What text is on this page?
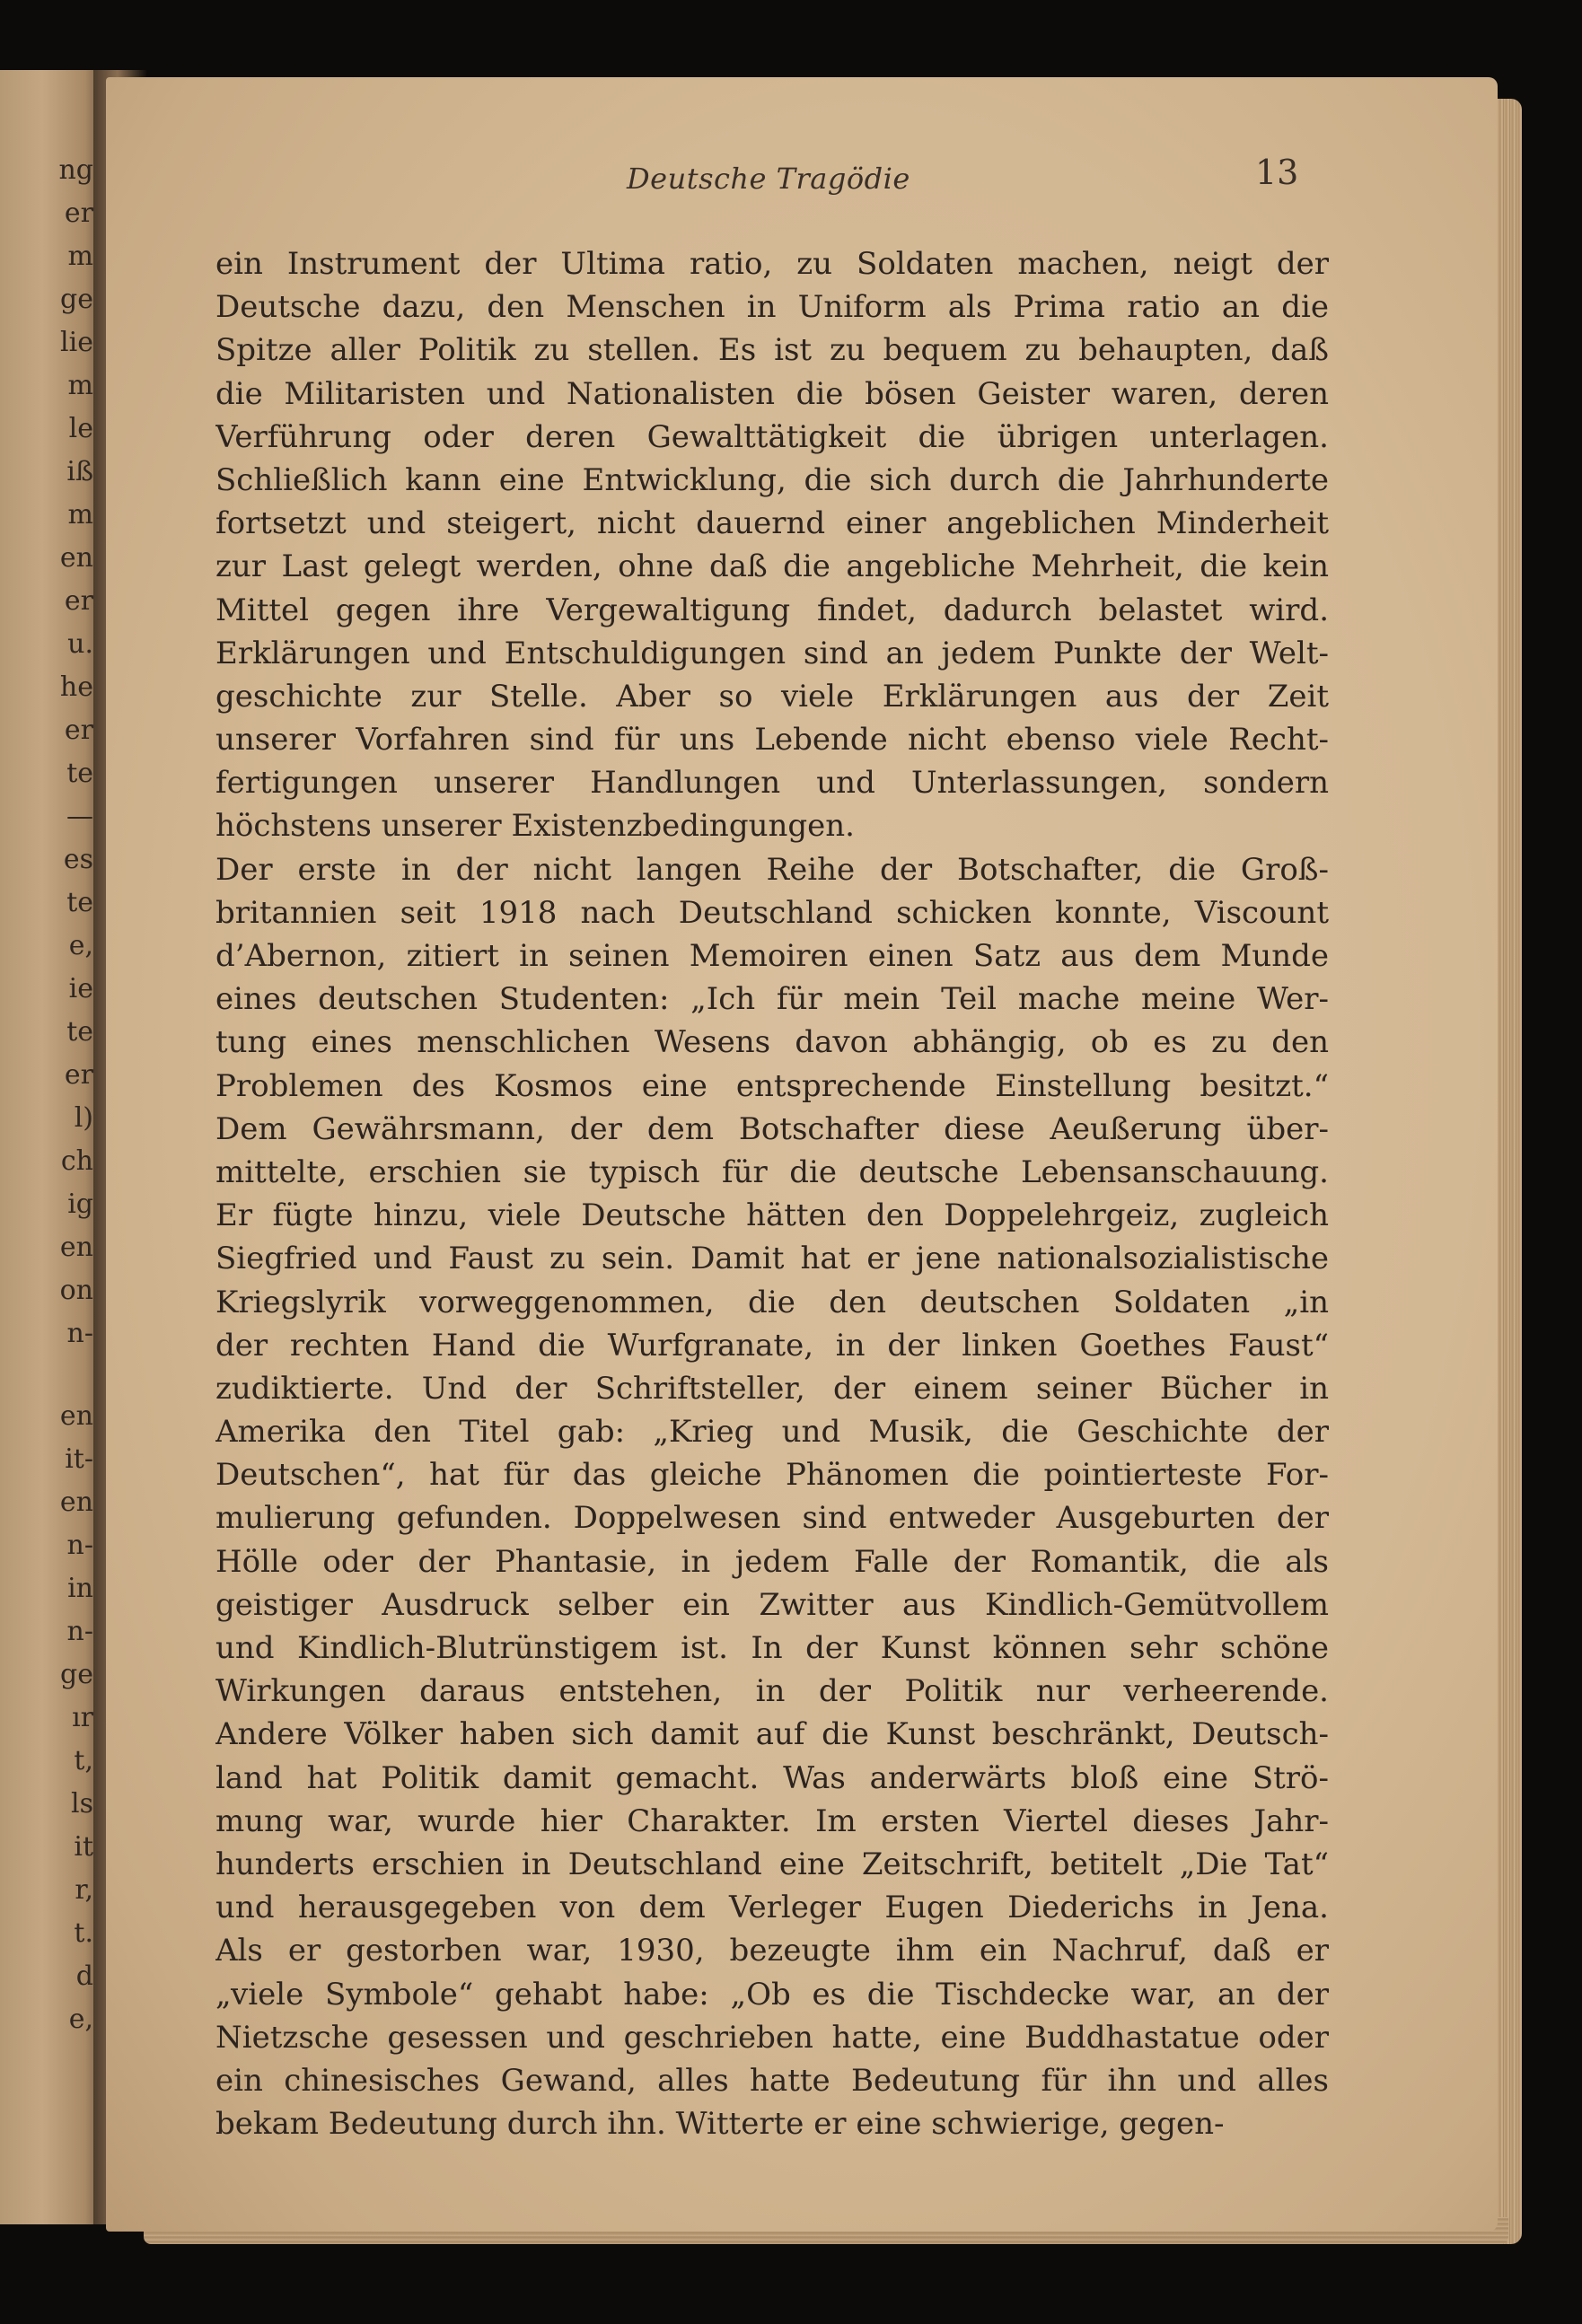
ng
er
m
ge
lie
m
le
iß
m
en
er
u.
he
er
te
—
es
te
e,
ie
te
er
l)
ch
ig
en
on
n-
en
it-
en
n-
in
n-
ge
ır
t,
ls
it
r,
t.
d
e,
Deutsche Tragödie	13
ein Instrument der Ultima ratio, zu Soldaten machen, neigt der
Deutsche dazu, den Menschen in Uniform als Prima ratio an die
Spitze aller Politik zu stellen. Es ist zu bequem zu behaupten, daß
die Militaristen und Nationalisten die bösen Geister waren, deren
Verführung oder deren Gewalttätigkeit die übrigen unterlagen.
Schließlich kann eine Entwicklung, die sich durch die Jahrhunderte
fortsetzt und steigert, nicht dauernd einer angeblichen Minderheit
zur Last gelegt werden, ohne daß die angebliche Mehrheit, die kein
Mittel gegen ihre Vergewaltigung findet, dadurch belastet wird.
Erklärungen und Entschuldigungen sind an jedem Punkte der Welt-
geschichte zur Stelle. Aber so viele Erklärungen aus der Zeit
unserer Vorfahren sind für uns Lebende nicht ebenso viele Recht-
fertigungen unserer Handlungen und Unterlassungen, sondern
höchstens unserer Existenzbedingungen.
Der erste in der nicht langen Reihe der Botschafter, die Groß-
britannien seit 1918 nach Deutschland schicken konnte, Viscount
d’Abernon, zitiert in seinen Memoiren einen Satz aus dem Munde
eines deutschen Studenten: „Ich für mein Teil mache meine Wer-
tung eines menschlichen Wesens davon abhängig, ob es zu den
Problemen des Kosmos eine entsprechende Einstellung besitzt.“
Dem Gewährsmann, der dem Botschafter diese Aeußerung über-
mittelte, erschien sie typisch für die deutsche Lebensanschauung.
Er fügte hinzu, viele Deutsche hätten den Doppelehrgeiz, zugleich
Siegfried und Faust zu sein. Damit hat er jene nationalsozialistische
Kriegslyrik vorweggenommen, die den deutschen Soldaten „in
der rechten Hand die Wurfgranate, in der linken Goethes Faust“
zudiktierte. Und der Schriftsteller, der einem seiner Bücher in
Amerika den Titel gab: „Krieg und Musik, die Geschichte der
Deutschen“, hat für das gleiche Phänomen die pointierteste For-
mulierung gefunden. Doppelwesen sind entweder Ausgeburten der
Hölle oder der Phantasie, in jedem Falle der Romantik, die als
geistiger Ausdruck selber ein Zwitter aus Kindlich-Gemütvollem
und Kindlich-Blutrünstigem ist. In der Kunst können sehr schöne
Wirkungen daraus entstehen, in der Politik nur verheerende.
Andere Völker haben sich damit auf die Kunst beschränkt, Deutsch-
land hat Politik damit gemacht. Was anderwärts bloß eine Strö-
mung war, wurde hier Charakter. Im ersten Viertel dieses Jahr-
hunderts erschien in Deutschland eine Zeitschrift, betitelt „Die Tat“
und herausgegeben von dem Verleger Eugen Diederichs in Jena.
Als er gestorben war, 1930, bezeugte ihm ein Nachruf, daß er
„viele Symbole“ gehabt habe: „Ob es die Tischdecke war, an der
Nietzsche gesessen und geschrieben hatte, eine Buddhastatue oder
ein chinesisches Gewand, alles hatte Bedeutung für ihn und alles
bekam Bedeutung durch ihn. Witterte er eine schwierige, gegen-
